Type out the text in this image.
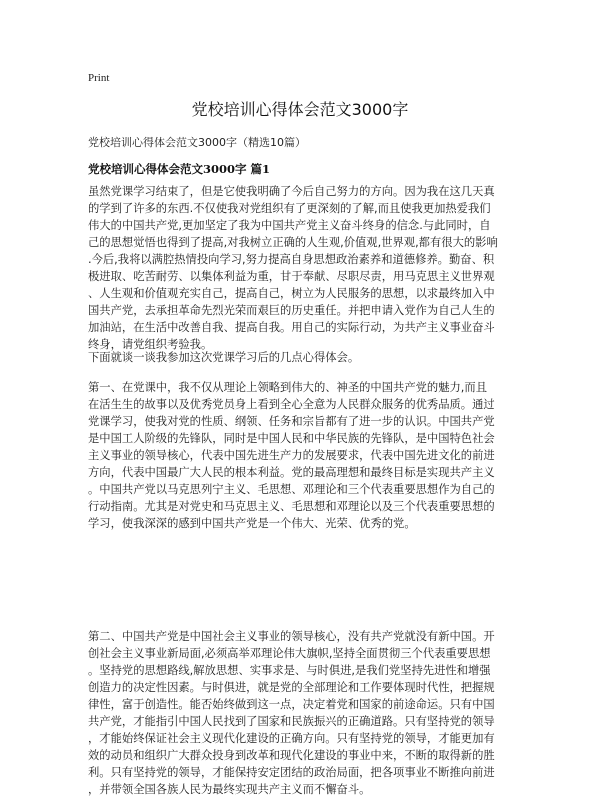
Print
党校培训心得体会范文3000字

党校培训心得体会范文3000字（精选10篇）

党校培训心得体会范文3000字 篇1

虽然党课学习结束了，但是它使我明确了今后自己努力的方向。因为我在这几天真

的学到了许多的东西.不仅使我对党组织有了更深刻的了解,而且使我更加热爱我们

伟大的中国共产党,更加坚定了我为中国共产党主义奋斗终身的信念.与此同时，自

己的思想觉悟也得到了提高,对我树立正确的人生观,价值观,世界观,都有很大的影响

.今后,我将以满腔热情投向学习,努力提高自身思想政治素养和道德修养。勤奋、积

极进取、吃苦耐劳、以集体利益为重，甘于奉献、尽职尽责，用马克思主义世界观

、人生观和价值观充实自己，提高自己，树立为人民服务的思想，以求最终加入中

国共产党，去承担革命先烈光荣而艰巨的历史重任。并把申请入党作为自己人生的

加油站，在生活中改善自我、提高自我。用自己的实际行动，为共产主义事业奋斗

终身，请党组织考验我。

下面就谈一谈我参加这次党课学习后的几点心得体会。

第一、在党课中，我不仅从理论上领略到伟大的、神圣的中国共产党的魅力,而且

在活生生的故事以及优秀党员身上看到全心全意为人民群众服务的优秀品质。通过

党课学习，使我对党的性质、纲领、任务和宗旨都有了进一步的认识。中国共产党

是中国工人阶级的先锋队，同时是中国人民和中华民族的先锋队，是中国特色社会

主义事业的领导核心，代表中国先进生产力的发展要求，代表中国先进文化的前进

方向，代表中国最广大人民的根本利益。党的最高理想和最终目标是实现共产主义

。中国共产党以马克思列宁主义、毛思想、邓理论和三个代表重要思想作为自己的

行动指南。尤其是对党史和马克思主义、毛思想和邓理论以及三个代表重要思想的

学习，使我深深的感到中国共产党是一个伟大、光荣、优秀的党。

第二、中国共产党是中国社会主义事业的领导核心，没有共产党就没有新中国。开

创社会主义事业新局面,必须高举邓理论伟大旗帜,坚持全面贯彻三个代表重要思想

。坚持党的思想路线,解放思想、实事求是、与时俱进,是我们党坚持先进性和增强

创造力的决定性因素。与时俱进，就是党的全部理论和工作要体现时代性，把握规

律性，富于创造性。能否始终做到这一点，决定着党和国家的前途命运。只有中国

共产党，才能指引中国人民找到了国家和民族振兴的正确道路。只有坚持党的领导

，才能始终保证社会主义现代化建设的正确方向。只有坚持党的领导，才能更加有

效的动员和组织广大群众投身到改革和现代化建设的事业中来，不断的取得新的胜

利。只有坚持党的领导，才能保持安定团结的政治局面，把各项事业不断推向前进

，并带领全国各族人民为最终实现共产主义而不懈奋斗。
